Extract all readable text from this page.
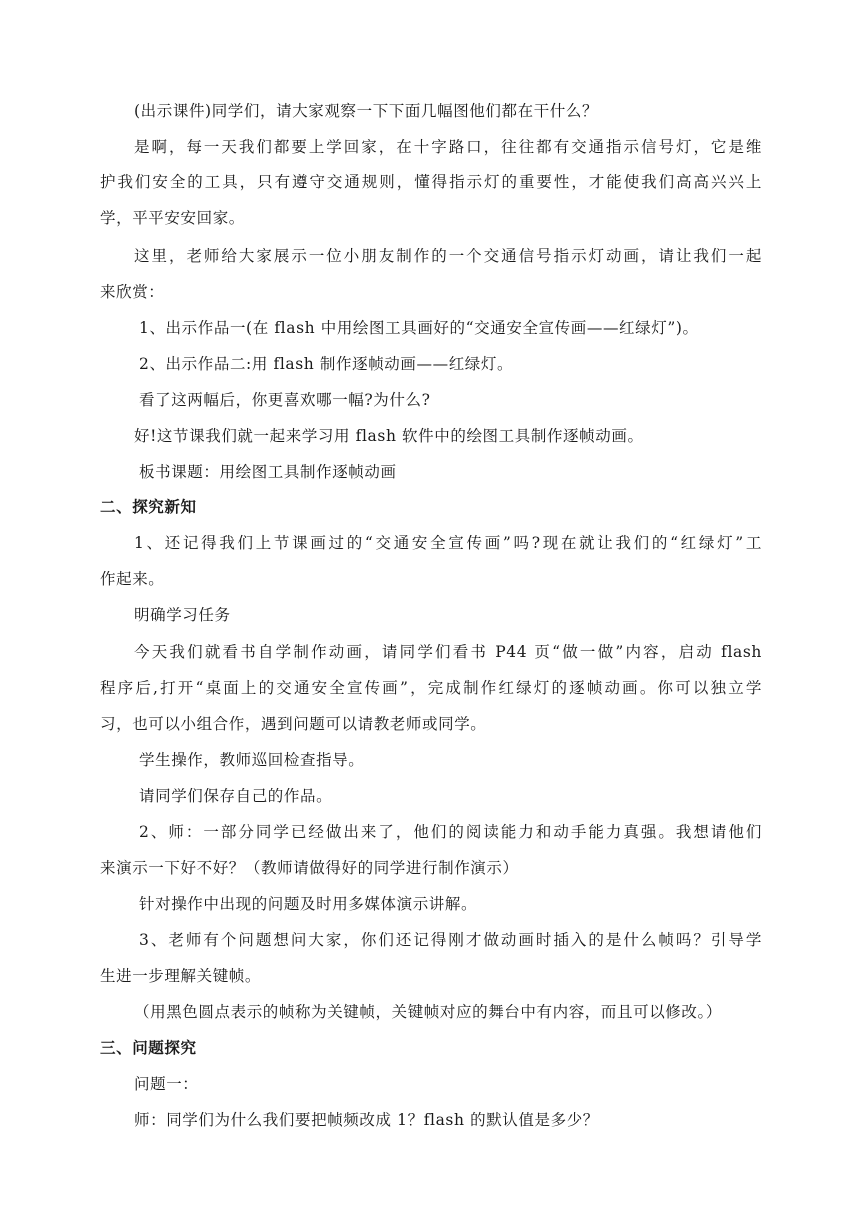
(出示课件)同学们，请大家观察一下下面几幅图他们都在干什么？
是啊，每一天我们都要上学回家，在十字路口，往往都有交通指示信号灯，它是维
护我们安全的工具，只有遵守交通规则，懂得指示灯的重要性，才能使我们高高兴兴上
学，平平安安回家。
这里，老师给大家展示一位小朋友制作的一个交通信号指示灯动画，请让我们一起
来欣赏：
1、出示作品一(在 flash 中用绘图工具画好的“交通安全宣传画——红绿灯”)。
2、出示作品二:用 flash 制作逐帧动画——红绿灯。
看了这两幅后，你更喜欢哪一幅?为什么?
好!这节课我们就一起来学习用 flash 软件中的绘图工具制作逐帧动画。
板书课题：用绘图工具制作逐帧动画
二、探究新知
1、还记得我们上节课画过的“交通安全宣传画”吗?现在就让我们的“红绿灯”工
作起来。
明确学习任务
今天我们就看书自学制作动画，请同学们看书 P44 页“做一做”内容，启动 flash
程序后,打开“桌面上的交通安全宣传画”，完成制作红绿灯的逐帧动画。你可以独立学
习，也可以小组合作，遇到问题可以请教老师或同学。
学生操作，教师巡回检查指导。
请同学们保存自己的作品。
2、师：一部分同学已经做出来了，他们的阅读能力和动手能力真强。我想请他们
来演示一下好不好？（教师请做得好的同学进行制作演示）
针对操作中出现的问题及时用多媒体演示讲解。
3、老师有个问题想问大家，你们还记得刚才做动画时插入的是什么帧吗？引导学
生进一步理解关键帧。
（用黑色圆点表示的帧称为关键帧，关键帧对应的舞台中有内容，而且可以修改。）
三、问题探究
问题一：
师：同学们为什么我们要把帧频改成 1？flash 的默认值是多少？
